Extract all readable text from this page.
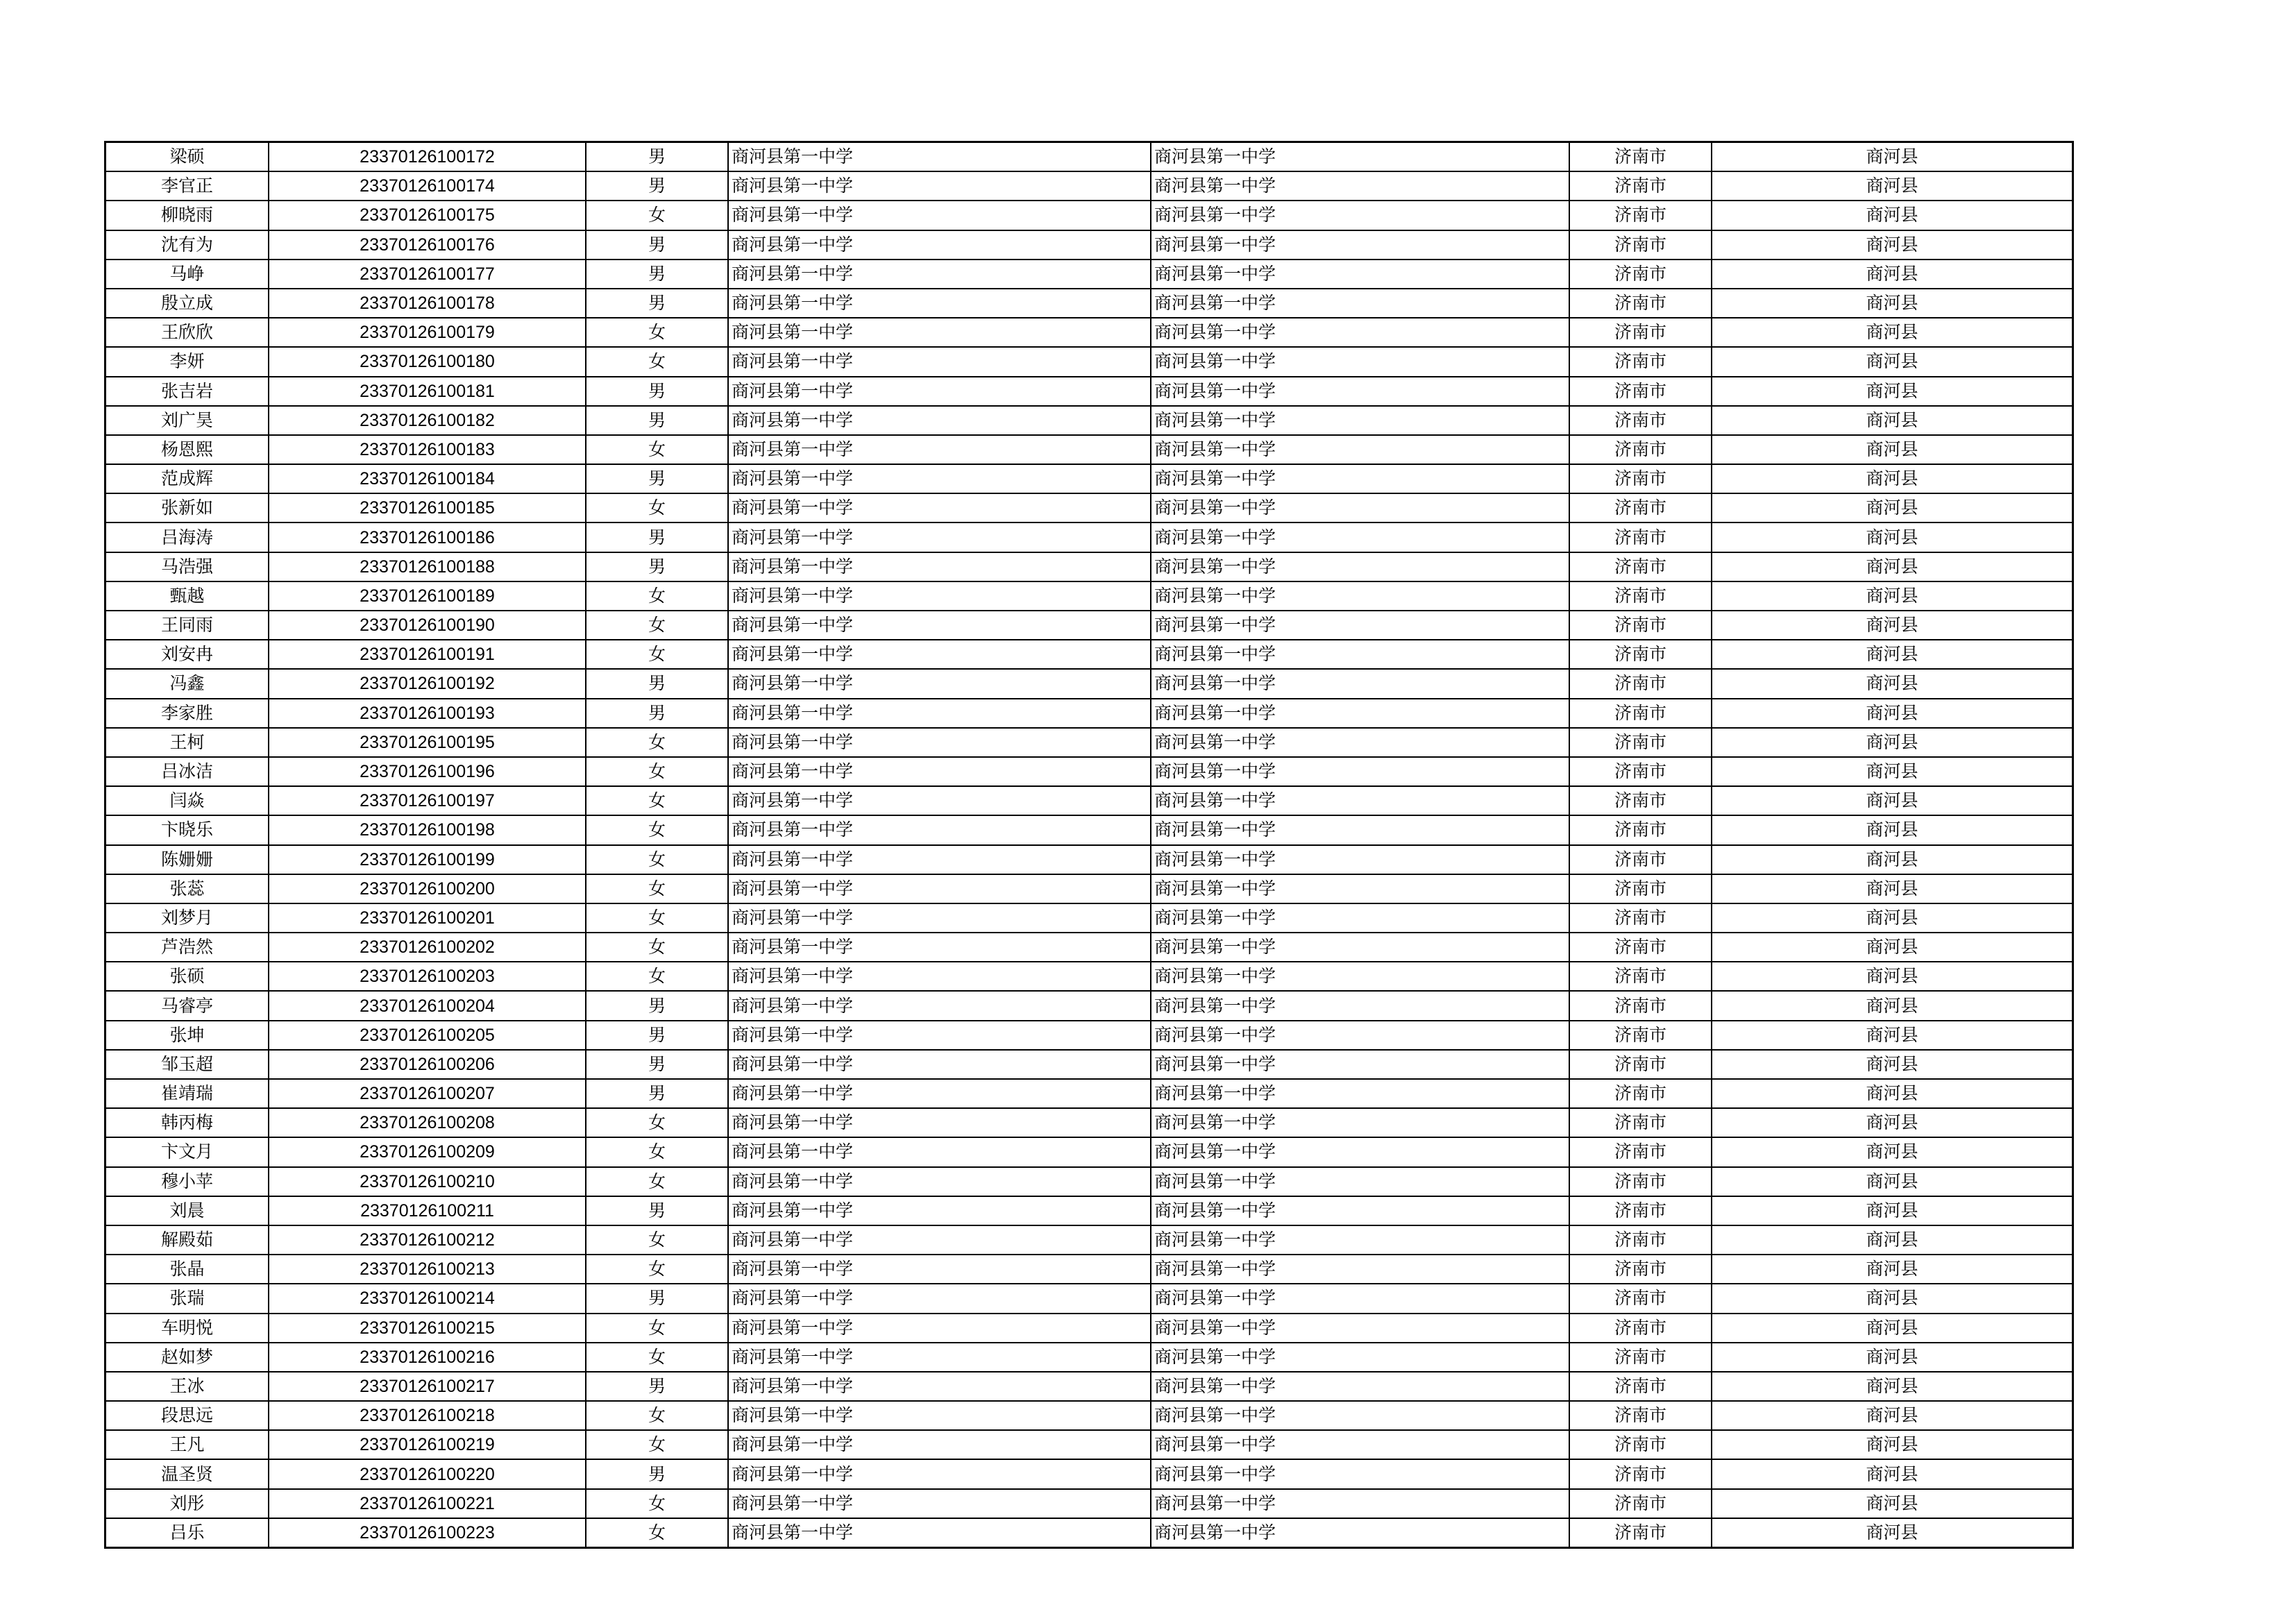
梁硕	23370126100172	男	商河县第一中学	商河县第一中学	济南市	商河县
李官正	23370126100174	男	商河县第一中学	商河县第一中学	济南市	商河县
柳晓雨	23370126100175	女	商河县第一中学	商河县第一中学	济南市	商河县
沈有为	23370126100176	男	商河县第一中学	商河县第一中学	济南市	商河县
马峥	23370126100177	男	商河县第一中学	商河县第一中学	济南市	商河县
殷立成	23370126100178	男	商河县第一中学	商河县第一中学	济南市	商河县
王欣欣	23370126100179	女	商河县第一中学	商河县第一中学	济南市	商河县
李妍	23370126100180	女	商河县第一中学	商河县第一中学	济南市	商河县
张吉岩	23370126100181	男	商河县第一中学	商河县第一中学	济南市	商河县
刘广昊	23370126100182	男	商河县第一中学	商河县第一中学	济南市	商河县
杨恩熙	23370126100183	女	商河县第一中学	商河县第一中学	济南市	商河县
范成辉	23370126100184	男	商河县第一中学	商河县第一中学	济南市	商河县
张新如	23370126100185	女	商河县第一中学	商河县第一中学	济南市	商河县
吕海涛	23370126100186	男	商河县第一中学	商河县第一中学	济南市	商河县
马浩强	23370126100188	男	商河县第一中学	商河县第一中学	济南市	商河县
甄越	23370126100189	女	商河县第一中学	商河县第一中学	济南市	商河县
王同雨	23370126100190	女	商河县第一中学	商河县第一中学	济南市	商河县
刘安冉	23370126100191	女	商河县第一中学	商河县第一中学	济南市	商河县
冯鑫	23370126100192	男	商河县第一中学	商河县第一中学	济南市	商河县
李家胜	23370126100193	男	商河县第一中学	商河县第一中学	济南市	商河县
王柯	23370126100195	女	商河县第一中学	商河县第一中学	济南市	商河县
吕冰洁	23370126100196	女	商河县第一中学	商河县第一中学	济南市	商河县
闫焱	23370126100197	女	商河县第一中学	商河县第一中学	济南市	商河县
卞晓乐	23370126100198	女	商河县第一中学	商河县第一中学	济南市	商河县
陈姗姗	23370126100199	女	商河县第一中学	商河县第一中学	济南市	商河县
张蕊	23370126100200	女	商河县第一中学	商河县第一中学	济南市	商河县
刘梦月	23370126100201	女	商河县第一中学	商河县第一中学	济南市	商河县
芦浩然	23370126100202	女	商河县第一中学	商河县第一中学	济南市	商河县
张硕	23370126100203	女	商河县第一中学	商河县第一中学	济南市	商河县
马睿亭	23370126100204	男	商河县第一中学	商河县第一中学	济南市	商河县
张坤	23370126100205	男	商河县第一中学	商河县第一中学	济南市	商河县
邹玉超	23370126100206	男	商河县第一中学	商河县第一中学	济南市	商河县
崔靖瑞	23370126100207	男	商河县第一中学	商河县第一中学	济南市	商河县
韩丙梅	23370126100208	女	商河县第一中学	商河县第一中学	济南市	商河县
卞文月	23370126100209	女	商河县第一中学	商河县第一中学	济南市	商河县
穆小苹	23370126100210	女	商河县第一中学	商河县第一中学	济南市	商河县
刘晨	23370126100211	男	商河县第一中学	商河县第一中学	济南市	商河县
解殿茹	23370126100212	女	商河县第一中学	商河县第一中学	济南市	商河县
张晶	23370126100213	女	商河县第一中学	商河县第一中学	济南市	商河县
张瑞	23370126100214	男	商河县第一中学	商河县第一中学	济南市	商河县
车明悦	23370126100215	女	商河县第一中学	商河县第一中学	济南市	商河县
赵如梦	23370126100216	女	商河县第一中学	商河县第一中学	济南市	商河县
王冰	23370126100217	男	商河县第一中学	商河县第一中学	济南市	商河县
段思远	23370126100218	女	商河县第一中学	商河县第一中学	济南市	商河县
王凡	23370126100219	女	商河县第一中学	商河县第一中学	济南市	商河县
温圣贤	23370126100220	男	商河县第一中学	商河县第一中学	济南市	商河县
刘彤	23370126100221	女	商河县第一中学	商河县第一中学	济南市	商河县
吕乐	23370126100223	女	商河县第一中学	商河县第一中学	济南市	商河县
